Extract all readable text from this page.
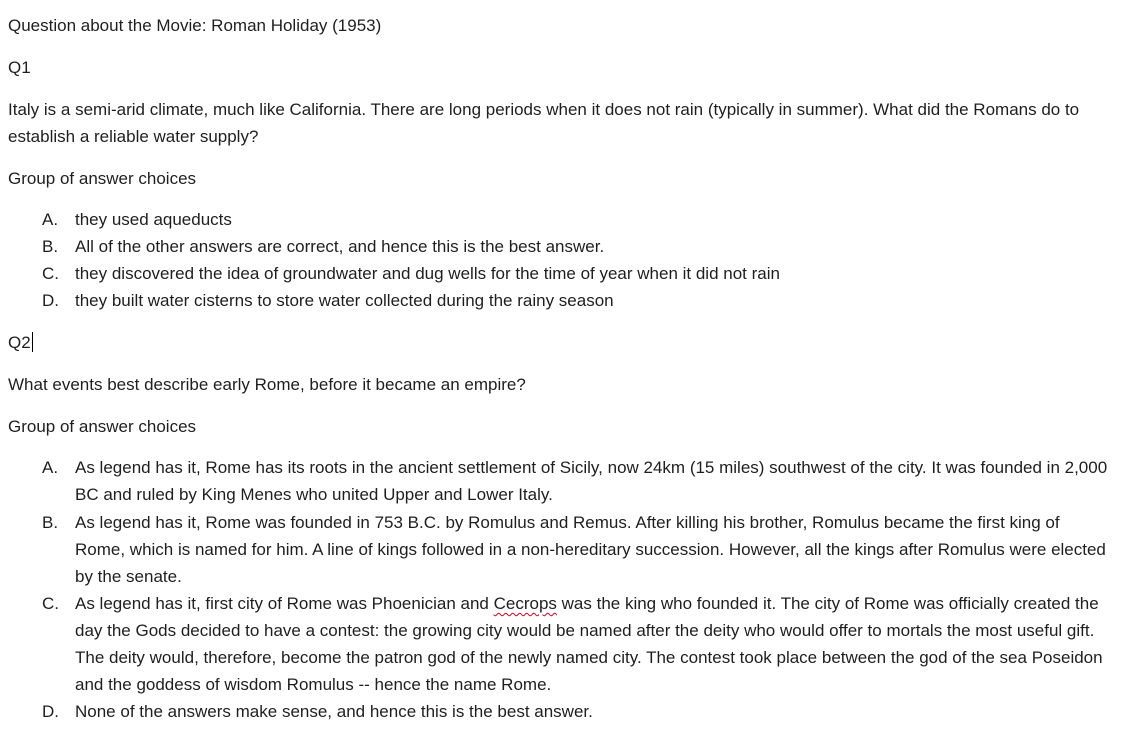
Question about the Movie: Roman Holiday (1953)
Q1
Italy is a semi-arid climate, much like California. There are long periods when it does not rain (typically in summer). What did the Romans do to establish a reliable water supply?
Group of answer choices
A. they used aqueducts
B. All of the other answers are correct, and hence this is the best answer.
C. they discovered the idea of groundwater and dug wells for the time of year when it did not rain
D. they built water cisterns to store water collected during the rainy season
Q2
What events best describe early Rome, before it became an empire?
Group of answer choices
A. As legend has it, Rome has its roots in the ancient settlement of Sicily, now 24km (15 miles) southwest of the city. It was founded in 2,000 BC and ruled by King Menes who united Upper and Lower Italy.
B. As legend has it, Rome was founded in 753 B.C. by Romulus and Remus. After killing his brother, Romulus became the first king of Rome, which is named for him. A line of kings followed in a non-hereditary succession. However, all the kings after Romulus were elected by the senate.
C. As legend has it, first city of Rome was Phoenician and Cecrops was the king who founded it. The city of Rome was officially created the day the Gods decided to have a contest: the growing city would be named after the deity who would offer to mortals the most useful gift. The deity would, therefore, become the patron god of the newly named city. The contest took place between the god of the sea Poseidon and the goddess of wisdom Romulus -- hence the name Rome.
D. None of the answers make sense, and hence this is the best answer.
